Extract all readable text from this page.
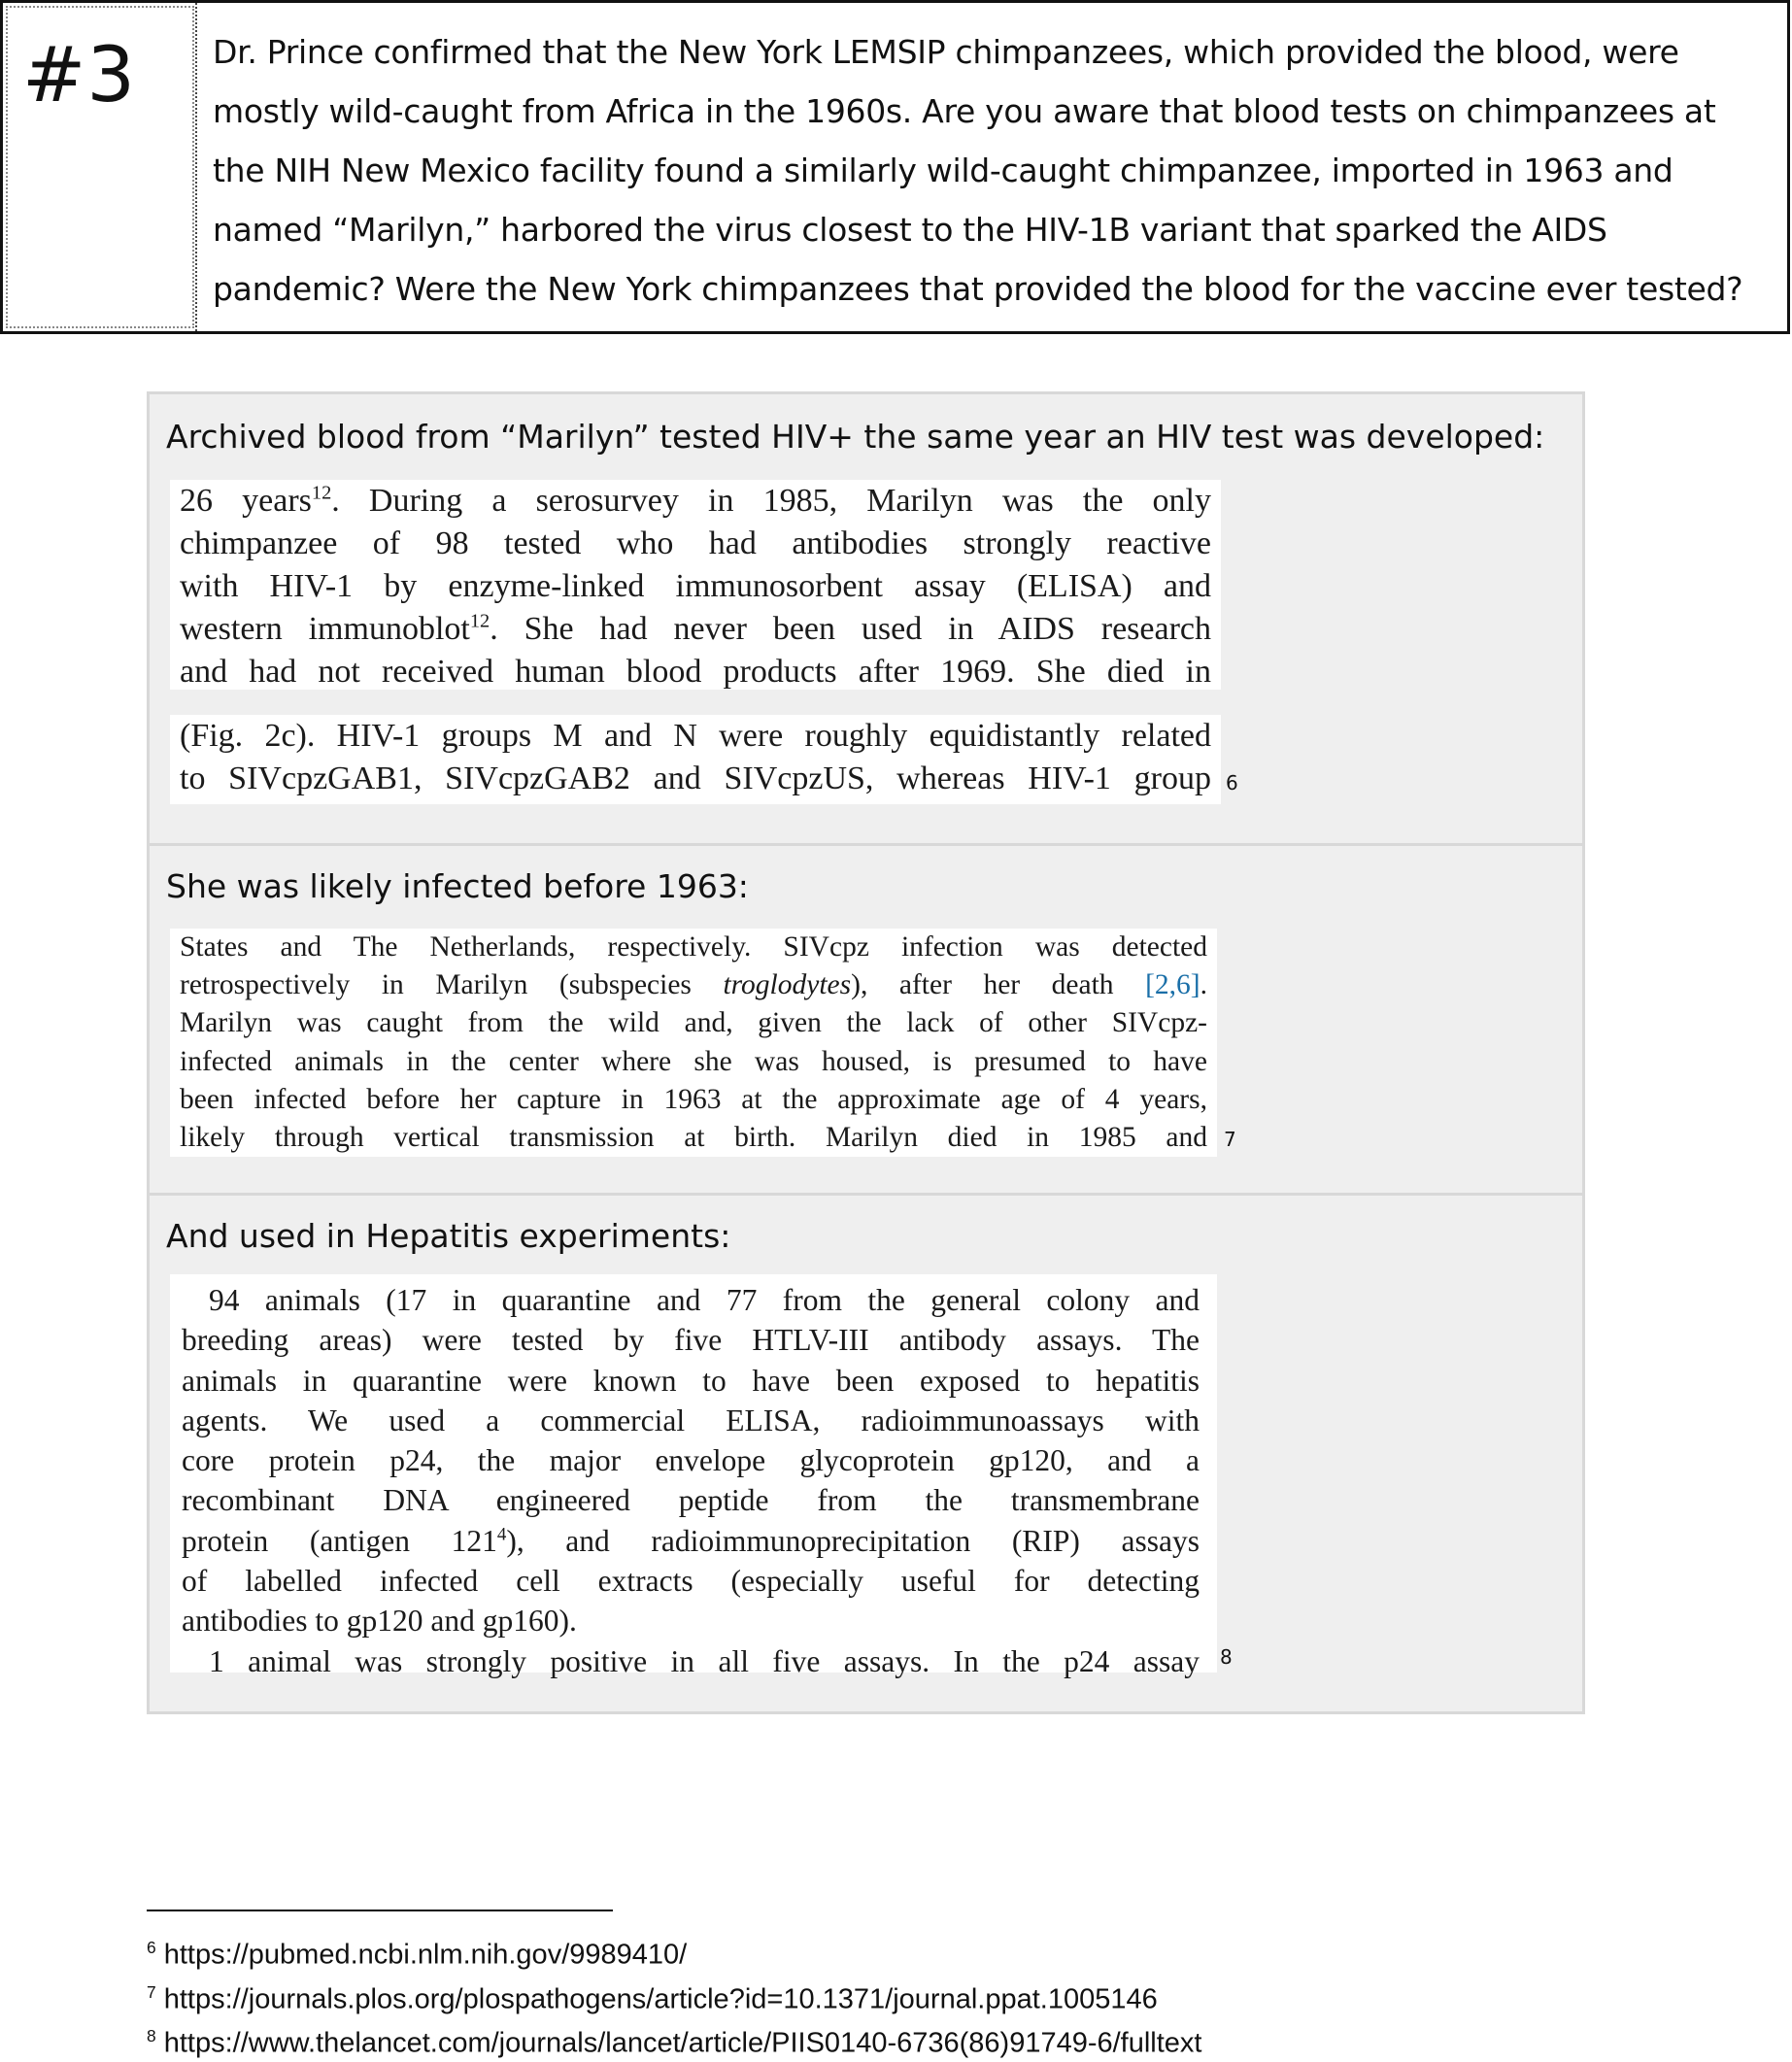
#3	Dr. Prince confirmed that the New York LEMSIP chimpanzees, which provided the blood, were mostly wild-caught from Africa in the 1960s. Are you aware that blood tests on chimpanzees at the NIH New Mexico facility found a similarly wild-caught chimpanzee, imported in 1963 and named “Marilyn,” harbored the virus closest to the HIV-1B variant that sparked the AIDS pandemic? Were the New York chimpanzees that provided the blood for the vaccine ever tested?
Archived blood from “Marilyn” tested HIV+ the same year an HIV test was developed:

26 years$^{12}$. During a serosurvey in 1985, Marilyn was the only

chimpanzee of 98 tested who had antibodies strongly reactive

with HIV-1 by enzyme-linked immunosorbent assay (ELISA) and

western immunoblot$^{12}$. She had never been used in AIDS research

and had not received human blood products after 1969. She died in

(Fig. 2c). HIV-1 groups M and N were roughly equidistantly related

to SIVcpzGAB1, SIVcpzGAB2 and SIVcpzUS, whereas HIV-1 group 6
She was likely infected before 1963:

States and The Netherlands, respectively. SIVcpz infection was detected

retrospectively in Marilyn (subspecies troglodytes), after her death [2,6].

Marilyn was caught from the wild and, given the lack of other SIVcpz-

infected animals in the center where she was housed, is presumed to have

been infected before her capture in 1963 at the approximate age of 4 years,

likely through vertical transmission at birth. Marilyn died in 1985 and 7
And used in Hepatitis experiments:

94 animals (17 in quarantine and 77 from the general colony and

breeding areas) were tested by five HTLV-III antibody assays. The

animals in quarantine were known to have been exposed to hepatitis

agents. We used a commercial ELISA, radioimmunoassays with

core protein p24, the major envelope glycoprotein gp120, and a

recombinant DNA engineered peptide from the transmembrane

protein (antigen $121^4$), and radioimmunoprecipitation (RIP) assays

of labelled infected cell extracts (especially useful for detecting

antibodies to gp120 and gp160).

1 animal was strongly positive in all five assays. In the p24 assay 8
$^6$ https://pubmed.ncbi.nlm.nih.gov/9989410/
$^7$ https://journals.plos.org/plospathogens/article?id=10.1371/journal.ppat.1005146
$^8$ https://www.thelancet.com/journals/lancet/article/PIIS0140-6736(86)91749-6/fulltext
